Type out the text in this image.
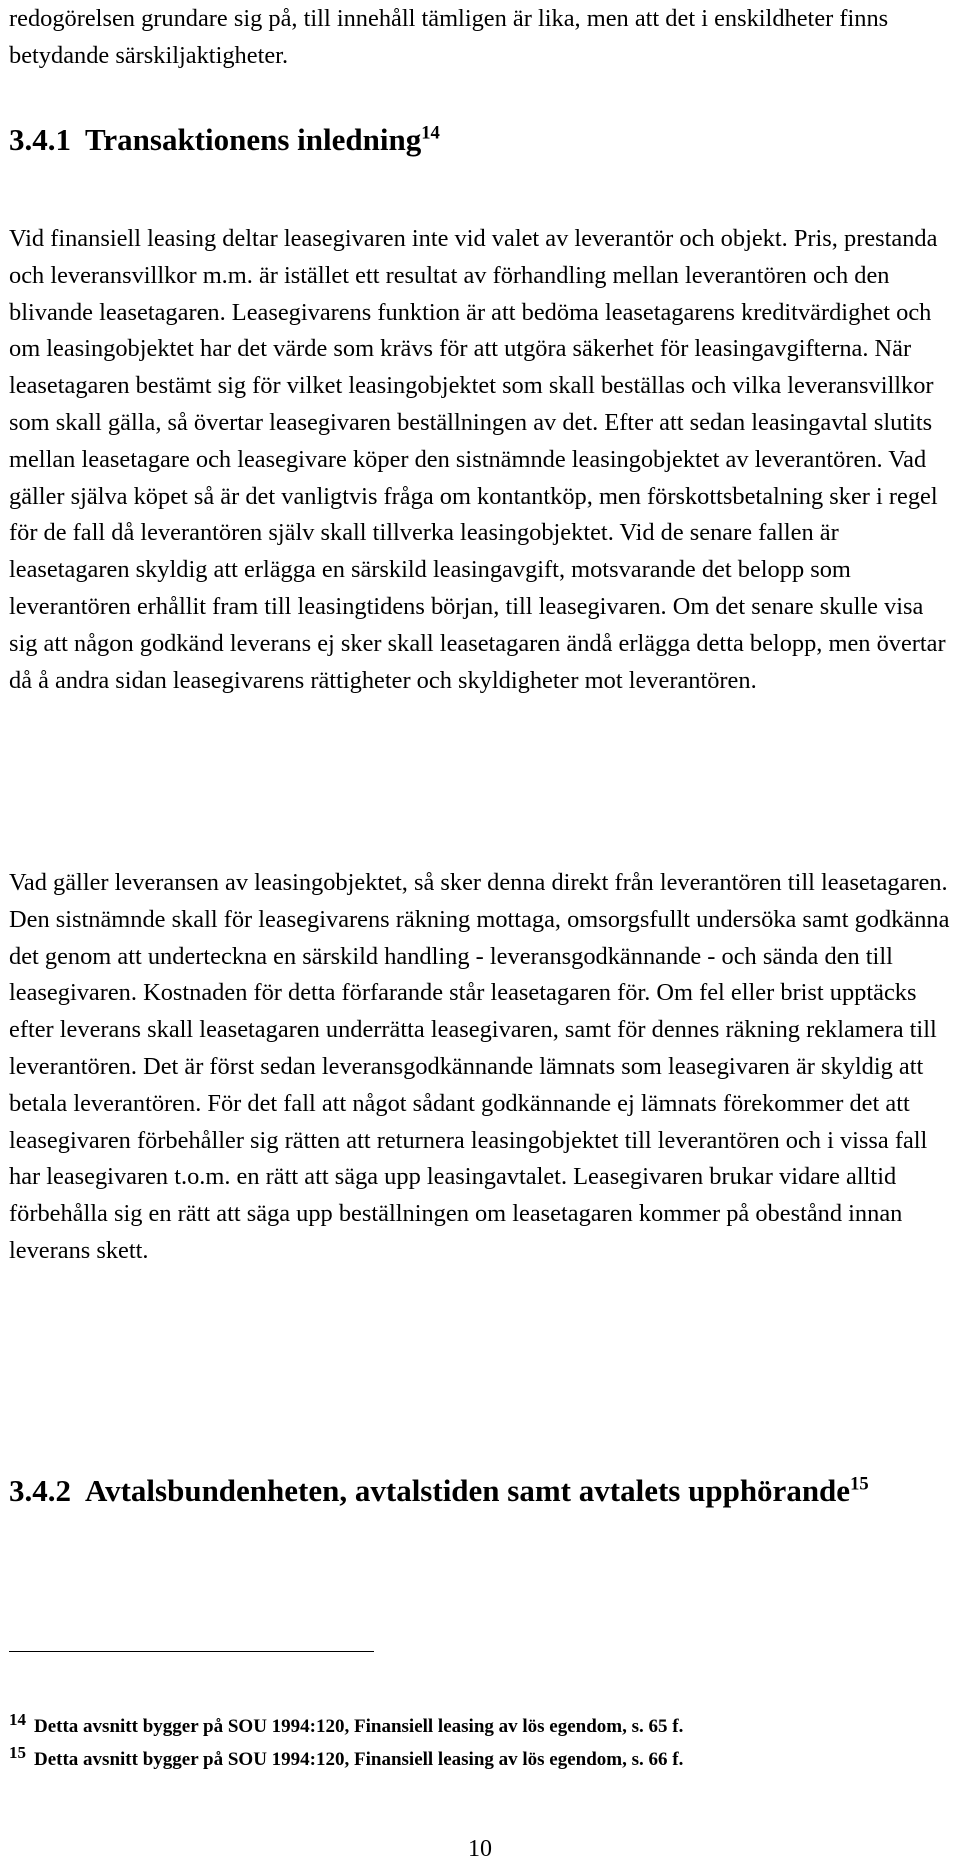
redogörelsen grundare sig på, till innehåll tämligen är lika, men att det i enskildheter finns betydande särskiljaktigheter.

3.4.1 Transaktionens inledning$^{14}$

Vid finansiell leasing deltar leasegivaren inte vid valet av leverantör och objekt. Pris, prestanda och leveransvillkor m.m. är istället ett resultat av förhandling mellan leverantören och den blivande leasetagaren. Leasegivarens funktion är att bedöma leasetagarens kreditvärdighet och om leasingobjektet har det värde som krävs för att utgöra säkerhet för leasingavgifterna. När leasetagaren bestämt sig för vilket leasingobjektet som skall beställas och vilka leveransvillkor som skall gälla, så övertar leasegivaren beställningen av det. Efter att sedan leasingavtal slutits mellan leasetagare och leasegivare köper den sistnämnde leasingobjektet av leverantören. Vad gäller själva köpet så är det vanligtvis fråga om kontantköp, men förskottsbetalning sker i regel för de fall då leverantören själv skall tillverka leasingobjektet. Vid de senare fallen är leasetagaren skyldig att erlägga en särskild leasingavgift, motsvarande det belopp som leverantören erhållit fram till leasingtidens början, till leasegivaren. Om det senare skulle visa sig att någon godkänd leverans ej sker skall leasetagaren ändå erlägga detta belopp, men övertar då å andra sidan leasegivarens rättigheter och skyldigheter mot leverantören.

Vad gäller leveransen av leasingobjektet, så sker denna direkt från leverantören till leasetagaren. Den sistnämnde skall för leasegivarens räkning mottaga, omsorgsfullt undersöka samt godkänna det genom att underteckna en särskild handling - leveransgodkännande - och sända den till leasegivaren. Kostnaden för detta förfarande står leasetagaren för. Om fel eller brist upptäcks efter leverans skall leasetagaren underrätta leasegivaren, samt för dennes räkning reklamera till leverantören. Det är först sedan leveransgodkännande lämnats som leasegivaren är skyldig att betala leverantören. För det fall att något sådant godkännande ej lämnats förekommer det att leasegivaren förbehåller sig rätten att returnera leasingobjektet till leverantören och i vissa fall har leasegivaren t.o.m. en rätt att säga upp leasingavtalet. Leasegivaren brukar vidare alltid förbehålla sig en rätt att säga upp beställningen om leasetagaren kommer på obestånd innan leverans skett.

3.4.2 Avtalsbundenheten, avtalstiden samt avtalets upphörande$^{15}$

14 Detta avsnitt bygger på SOU 1994:120, Finansiell leasing av lös egendom, s. 65 f.

15 Detta avsnitt bygger på SOU 1994:120, Finansiell leasing av lös egendom, s. 66 f.

10
